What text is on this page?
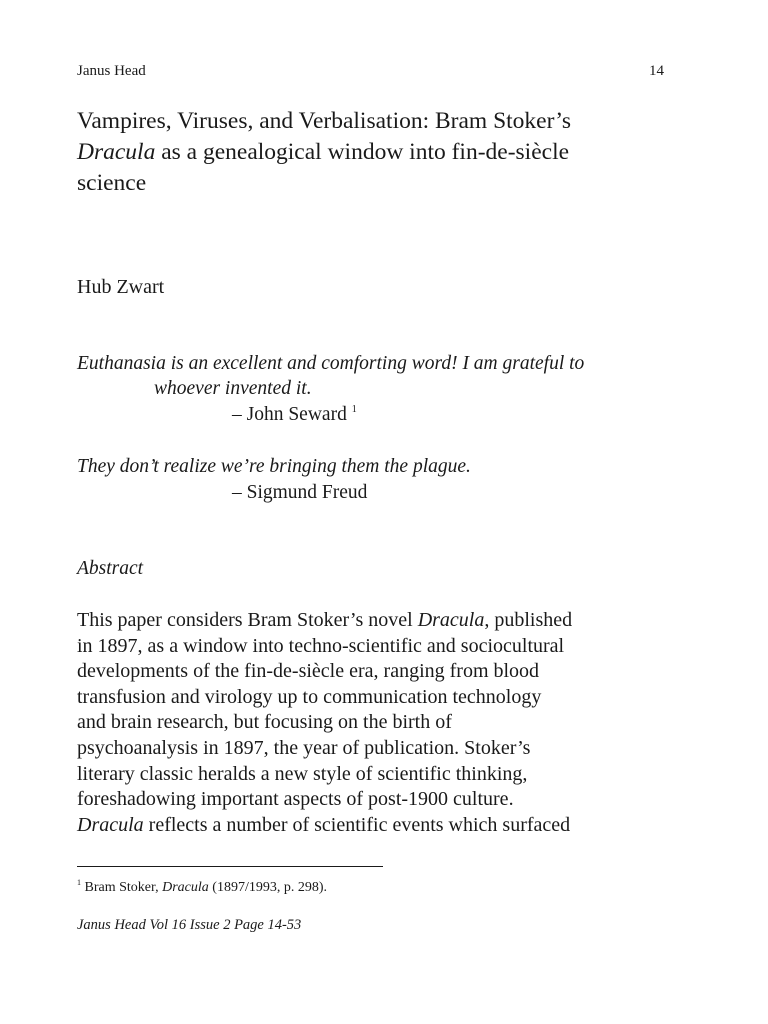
Janus Head	14
Vampires, Viruses, and Verbalisation: Bram Stoker’s
Dracula as a genealogical window into fin-de-siècle
science
Hub Zwart
Euthanasia is an excellent and comforting word! I am grateful to
whoever invented it.
– John Seward $^1$
They don’t realize we’re bringing them the plague.
– Sigmund Freud
Abstract
This paper considers Bram Stoker’s novel Dracula, published
in 1897, as a window into techno-scientific and sociocultural
developments of the fin-de-siècle era, ranging from blood
transfusion and virology up to communication technology
and brain research, but focusing on the birth of
psychoanalysis in 1897, the year of publication. Stoker’s
literary classic heralds a new style of scientific thinking,
foreshadowing important aspects of post-1900 culture.
Dracula reflects a number of scientific events which surfaced
$^1$ Bram Stoker, Dracula (1897/1993, p. 298).
Janus Head Vol 16 Issue 2 Page 14-53
